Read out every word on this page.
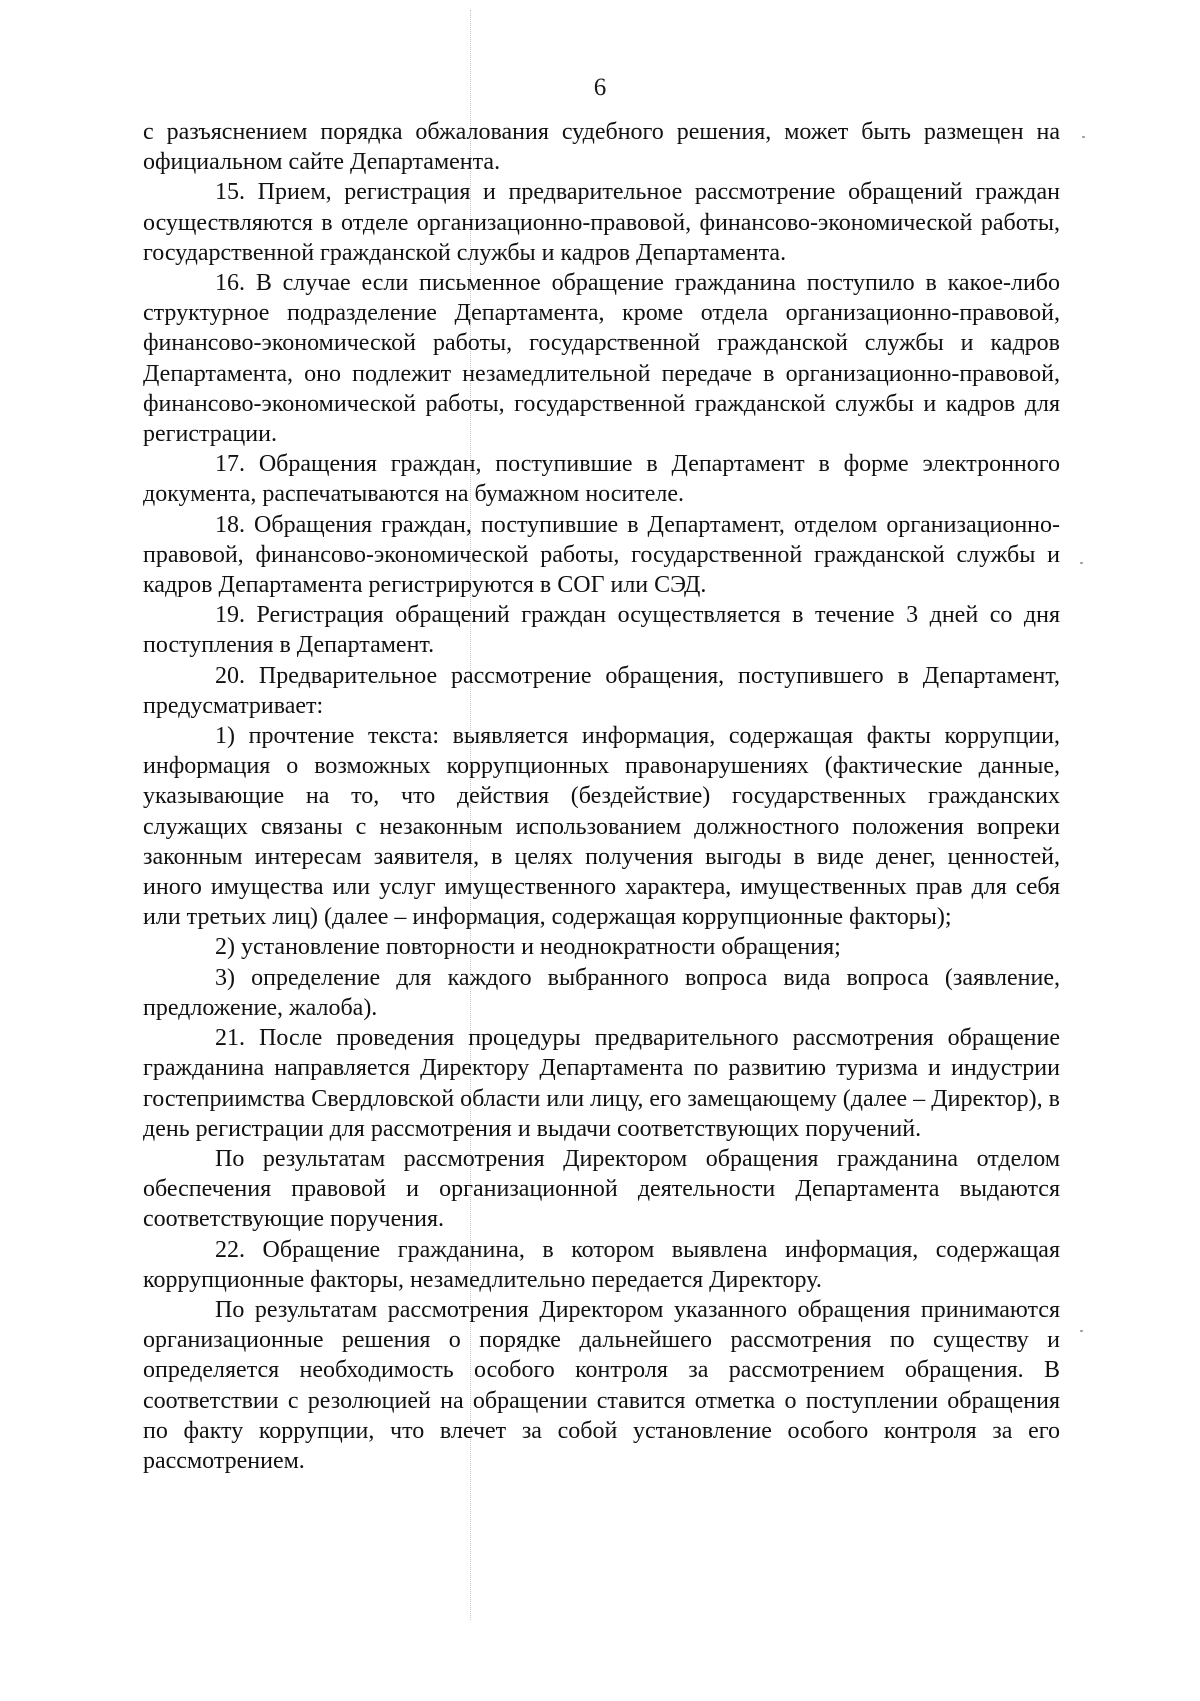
6

с разъяснением порядка обжалования судебного решения, может быть размещен на официальном сайте Департамента.

15. Прием, регистрация и предварительное рассмотрение обращений граждан осуществляются в отделе организационно-правовой, финансово-экономической работы, государственной гражданской службы и кадров Департамента.

16. В случае если письменное обращение гражданина поступило в какое-либо структурное подразделение Департамента, кроме отдела организационно-правовой, финансово-экономической работы, государственной гражданской службы и кадров Департамента, оно подлежит незамедлительной передаче в организационно-правовой, финансово-экономической работы, государственной гражданской службы и кадров для регистрации.

17. Обращения граждан, поступившие в Департамент в форме электронного документа, распечатываются на бумажном носителе.

18. Обращения граждан, поступившие в Департамент, отделом организационно-правовой, финансово-экономической работы, государственной гражданской службы и кадров Департамента регистрируются в СОГ или СЭД.

19. Регистрация обращений граждан осуществляется в течение 3 дней со дня поступления в Департамент.

20. Предварительное рассмотрение обращения, поступившего в Департамент, предусматривает:

1) прочтение текста: выявляется информация, содержащая факты коррупции, информация о возможных коррупционных правонарушениях (фактические данные, указывающие на то, что действия (бездействие) государственных гражданских служащих связаны с незаконным использованием должностного положения вопреки законным интересам заявителя, в целях получения выгоды в виде денег, ценностей, иного имущества или услуг имущественного характера, имущественных прав для себя или третьих лиц) (далее – информация, содержащая коррупционные факторы);

2) установление повторности и неоднократности обращения;

3) определение для каждого выбранного вопроса вида вопроса (заявление, предложение, жалоба).

21. После проведения процедуры предварительного рассмотрения обращение гражданина направляется Директору Департамента по развитию туризма и индустрии гостеприимства Свердловской области или лицу, его замещающему (далее – Директор), в день регистрации для рассмотрения и выдачи соответствующих поручений.

По результатам рассмотрения Директором обращения гражданина отделом обеспечения правовой и организационной деятельности Департамента выдаются соответствующие поручения.

22. Обращение гражданина, в котором выявлена информация, содержащая коррупционные факторы, незамедлительно передается Директору.

По результатам рассмотрения Директором указанного обращения принимаются организационные решения о порядке дальнейшего рассмотрения по существу и определяется необходимость особого контроля за рассмотрением обращения. В соответствии с резолюцией на обращении ставится отметка о поступлении обращения по факту коррупции, что влечет за собой установление особого контроля за его рассмотрением.
